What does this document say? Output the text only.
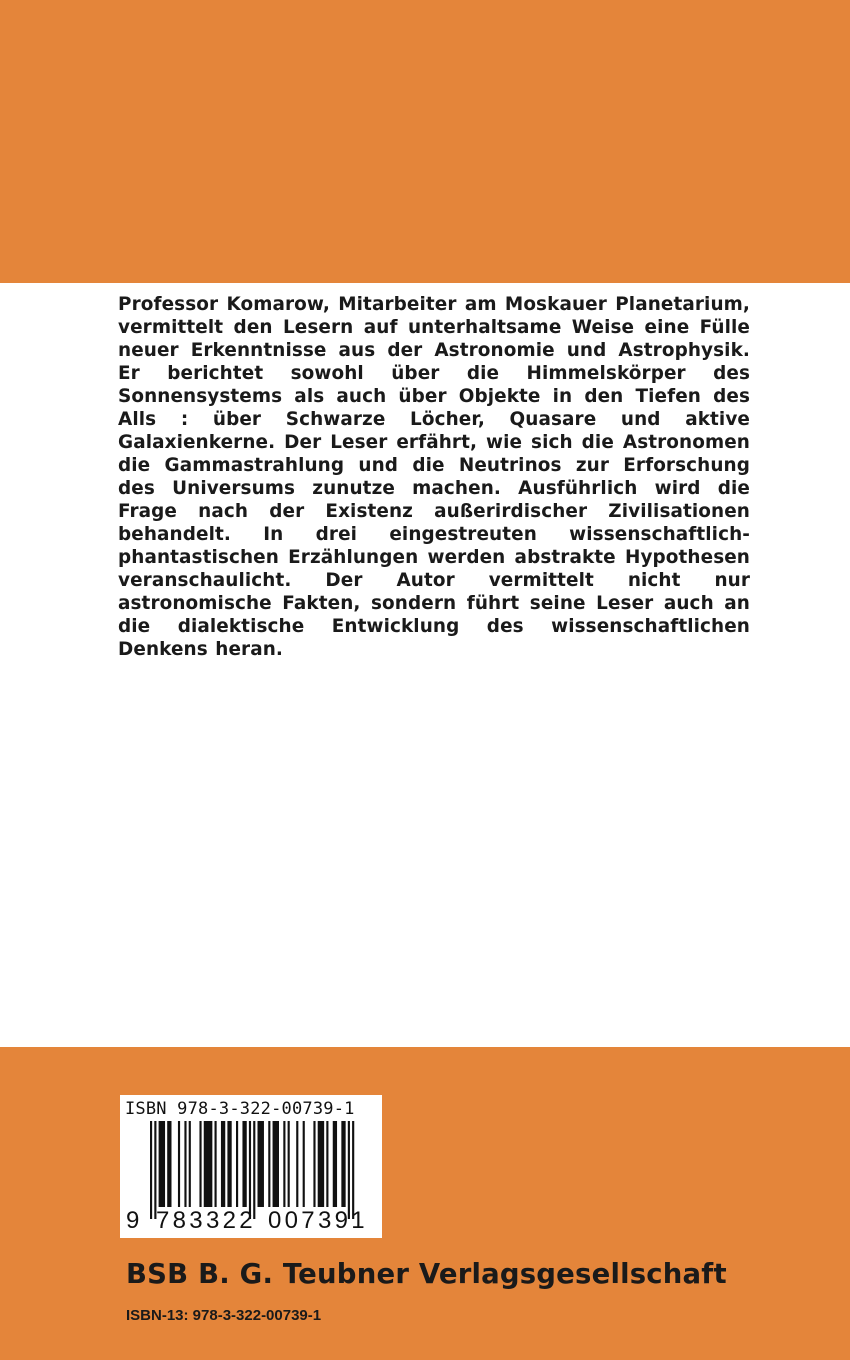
Professor Komarow, Mitarbeiter am Moskauer Planetarium, vermittelt den Lesern auf unterhaltsame Weise eine Fülle neuer Erkenntnisse aus der Astronomie und Astrophysik. Er berichtet sowohl über die Himmelskörper des Sonnensystems als auch über Objekte in den Tiefen des Alls : über Schwarze Löcher, Quasare und aktive Galaxienkerne. Der Leser erfährt, wie sich die Astronomen die Gammastrahlung und die Neutrinos zur Erforschung des Universums zunutze machen. Ausführlich wird die Frage nach der Existenz außerirdischer Zivilisationen behandelt. In drei eingestreuten wissenschaftlich-phantastischen Erzählungen werden abstrakte Hypothesen veranschaulicht. Der Autor vermittelt nicht nur astronomische Fakten, sondern führt seine Leser auch an die dialektische Entwicklung des wissenschaftlichen Denkens heran.

ISBN 978-3-322-00739-1
9 783322 007391
BSB B. G. Teubner Verlagsgesellschaft
ISBN-13: 978-3-322-00739-1
